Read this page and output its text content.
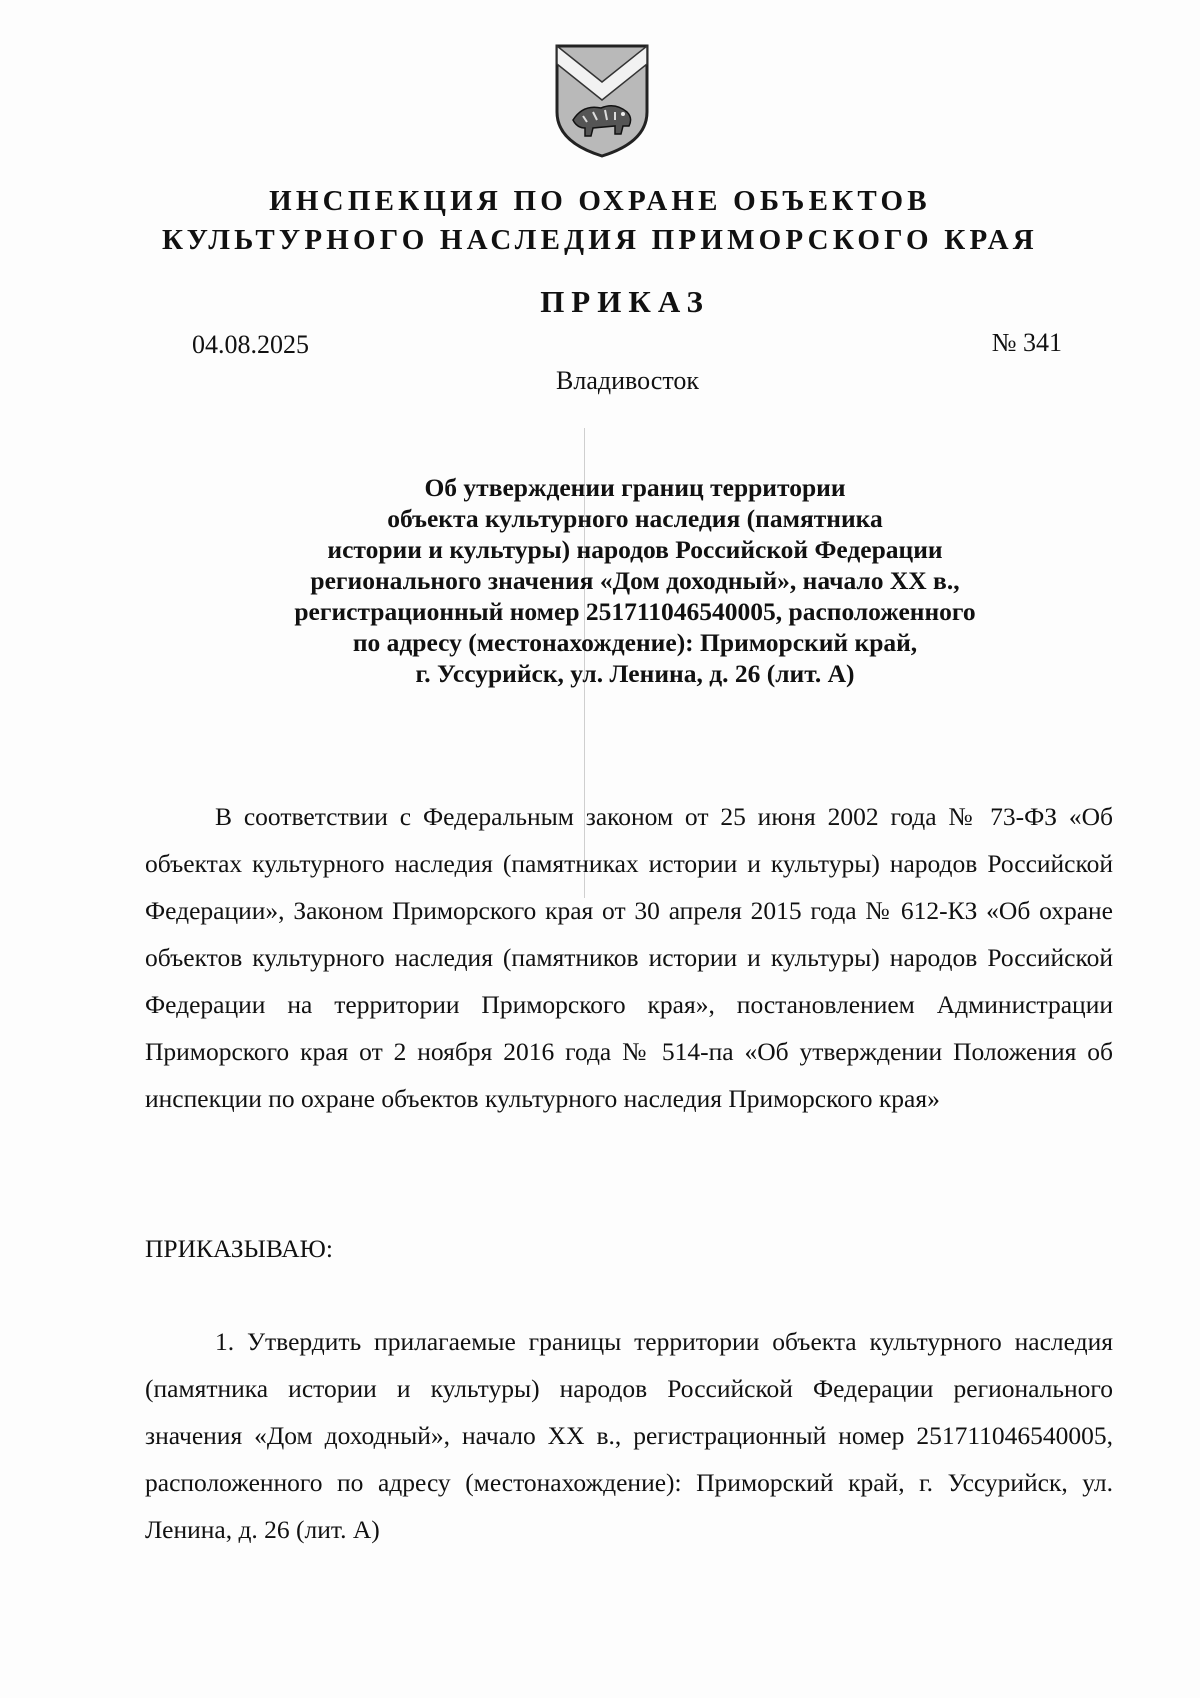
ИНСПЕКЦИЯ ПО ОХРАНЕ ОБЪЕКТОВ
КУЛЬТУРНОГО НАСЛЕДИЯ ПРИМОРСКОГО КРАЯ
ПРИКАЗ
04.08.2025	№ 341
Владивосток
Об утверждении границ территории
объекта культурного наследия (памятника
истории и культуры) народов Российской Федерации
регионального значения «Дом доходный», начало XX в.,
регистрационный номер 251711046540005, расположенного
по адресу (местонахождение): Приморский край,
г. Уссурийск, ул. Ленина, д. 26 (лит. А)
В соответствии с Федеральным законом от 25 июня 2002 года № 73-ФЗ «Об объектах культурного наследия (памятниках истории и культуры) народов Российской Федерации», Законом Приморского края от 30 апреля 2015 года № 612-КЗ «Об охране объектов культурного наследия (памятников истории и культуры) народов Российской Федерации на территории Приморского края», постановлением Администрации Приморского края от 2 ноября 2016 года № 514-па «Об утверждении Положения об инспекции по охране объектов культурного наследия Приморского края»
ПРИКАЗЫВАЮ:
1. Утвердить прилагаемые границы территории объекта культурного наследия (памятника истории и культуры) народов Российской Федерации регионального значения «Дом доходный», начало XX в., регистрационный номер 251711046540005, расположенного по адресу (местонахождение): Приморский край, г. Уссурийск, ул. Ленина, д. 26 (лит. А)
